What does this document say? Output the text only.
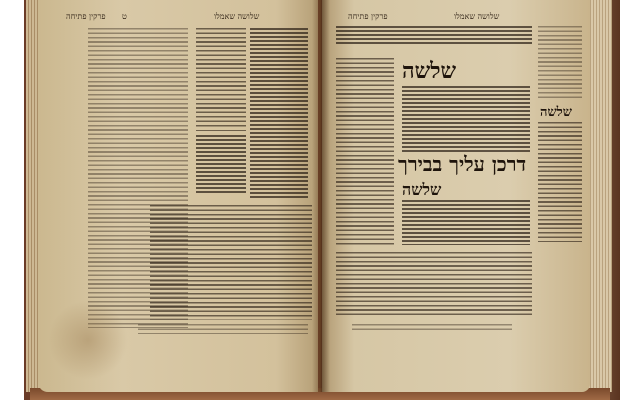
פרקין פתיחה ט	שלושה שאמלו	פרקין פתיחה	שלושה שאמלו
שלשה
דרכן עליך בבירך
שלשה
שלשה
